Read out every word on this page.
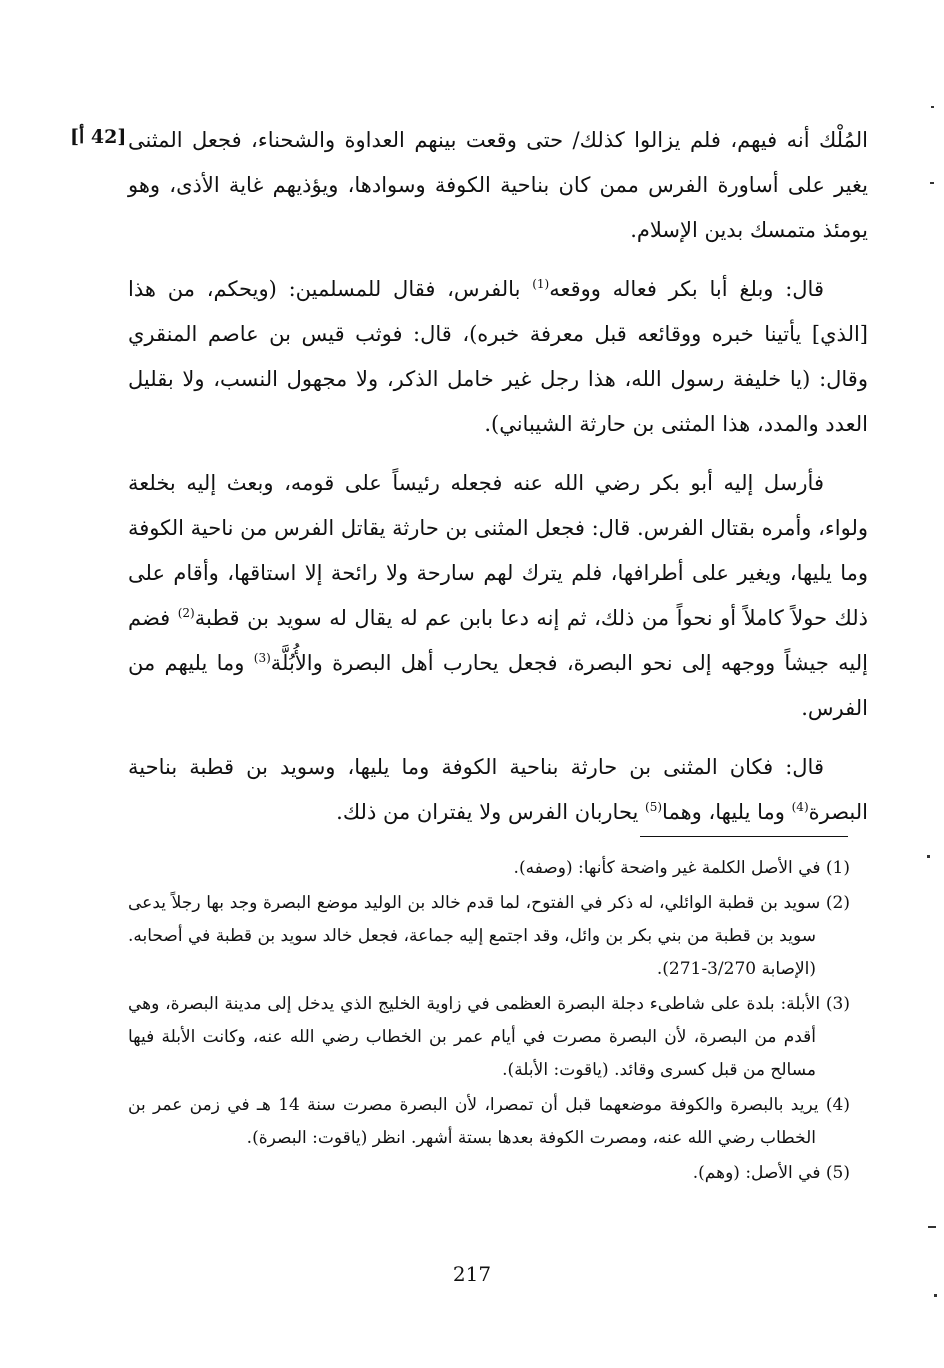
[42 أ] المُلْك أنه فيهم، فلم يزالوا كذلك/ حتى وقعت بينهم العداوة والشحناء، فجعل المثنى يغير على أساورة الفرس ممن كان بناحية الكوفة وسوادها، ويؤذيهم غاية الأذى، وهو يومئذ متمسك بدين الإسلام.

قال: وبلغ أبا بكر فعاله ووقعه$^{(1)}$ بالفرس، فقال للمسلمين: (ويحكم، من هذا [الذي] يأتينا خبره ووقائعه قبل معرفة خبره)، قال: فوثب قيس بن عاصم المنقري وقال: (يا خليفة رسول الله، هذا رجل غير خامل الذكر، ولا مجهول النسب، ولا بقليل العدد والمدد، هذا المثنى بن حارثة الشيباني).

فأرسل إليه أبو بكر رضي الله عنه فجعله رئيساً على قومه، وبعث إليه بخلعة ولواء، وأمره بقتال الفرس. قال: فجعل المثنى بن حارثة يقاتل الفرس من ناحية الكوفة وما يليها، ويغير على أطرافها، فلم يترك لهم سارحة ولا رائحة إلا استاقها، وأقام على ذلك حولاً كاملاً أو نحواً من ذلك، ثم إنه دعا بابن عم له يقال له سويد بن قطبة$^{(2)}$ فضم إليه جيشاً ووجهه إلى نحو البصرة، فجعل يحارب أهل البصرة والأُبُلَّة$^{(3)}$ وما يليهم من الفرس.

قال: فكان المثنى بن حارثة بناحية الكوفة وما يليها، وسويد بن قطبة بناحية البصرة$^{(4)}$ وما يليها، وهما$^{(5)}$ يحاربان الفرس ولا يفتران من ذلك.

(1) في الأصل الكلمة غير واضحة كأنها: (وصفه).

(2) سويد بن قطبة الوائلي، له ذكر في الفتوح، لما قدم خالد بن الوليد موضع البصرة وجد بها رجلاً يدعى سويد بن قطبة من بني بكر بن وائل، وقد اجتمع إليه جماعة، فجعل خالد سويد بن قطبة في أصحابه. (الإصابة 3/270-271).

(3) الأبلة: بلدة على شاطىء دجلة البصرة العظمى في زاوية الخليج الذي يدخل إلى مدينة البصرة، وهي أقدم من البصرة، لأن البصرة مصرت في أيام عمر بن الخطاب رضي الله عنه، وكانت الأبلة فيها مسالح من قبل كسرى وقائد. (ياقوت: الأبلة).

(4) يريد بالبصرة والكوفة موضعهما قبل أن تمصرا، لأن البصرة مصرت سنة 14 هـ في زمن عمر بن الخطاب رضي الله عنه، ومصرت الكوفة بعدها بستة أشهر. انظر (ياقوت: البصرة).

(5) في الأصل: (وهم).

217
